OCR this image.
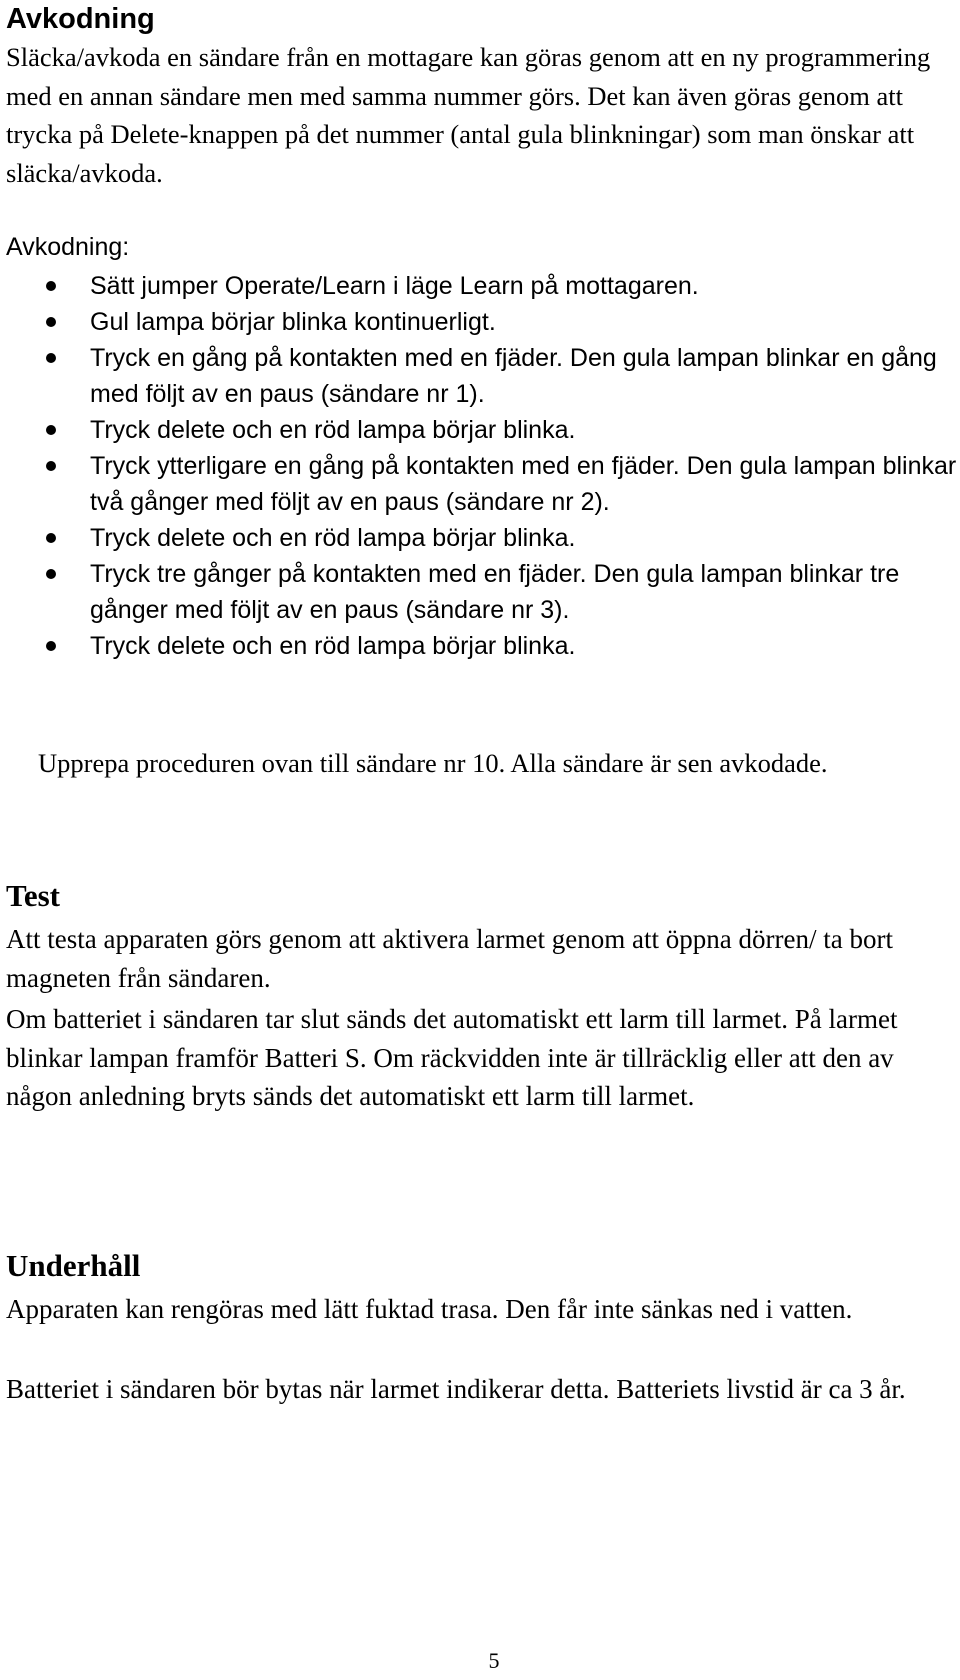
Avkodning

Släcka/avkoda en sändare från en mottagare kan göras genom att en ny programmering med en annan sändare men med samma nummer görs. Det kan även göras genom att trycka på Delete-knappen på det nummer (antal gula blinkningar) som man önskar att släcka/avkoda.

Avkodning:

Sätt jumper Operate/Learn i läge Learn på mottagaren.
Gul lampa börjar blinka kontinuerligt.
Tryck en gång på kontakten med en fjäder. Den gula lampan blinkar en gång med följt av en paus (sändare nr 1).
Tryck delete och en röd lampa börjar blinka.
Tryck ytterligare en gång på kontakten med en fjäder. Den gula lampan blinkar två gånger med följt av en paus (sändare nr 2).
Tryck delete och en röd lampa börjar blinka.
Tryck tre gånger på kontakten med en fjäder. Den gula lampan blinkar tre gånger med följt av en paus (sändare nr 3).
Tryck delete och en röd lampa börjar blinka.

Upprepa proceduren ovan till sändare nr 10. Alla sändare är sen avkodade.

Test

Att testa apparaten görs genom att aktivera larmet genom att öppna dörren/ ta bort magneten från sändaren.

Om batteriet i sändaren tar slut sänds det automatiskt ett larm till larmet. På larmet blinkar lampan framför Batteri S. Om räckvidden inte är tillräcklig eller att den av någon anledning bryts sänds det automatiskt ett larm till larmet.

Underhåll

Apparaten kan rengöras med lätt fuktad trasa. Den får inte sänkas ned i vatten.

Batteriet i sändaren bör bytas när larmet indikerar detta. Batteriets livstid är ca 3 år.

5
